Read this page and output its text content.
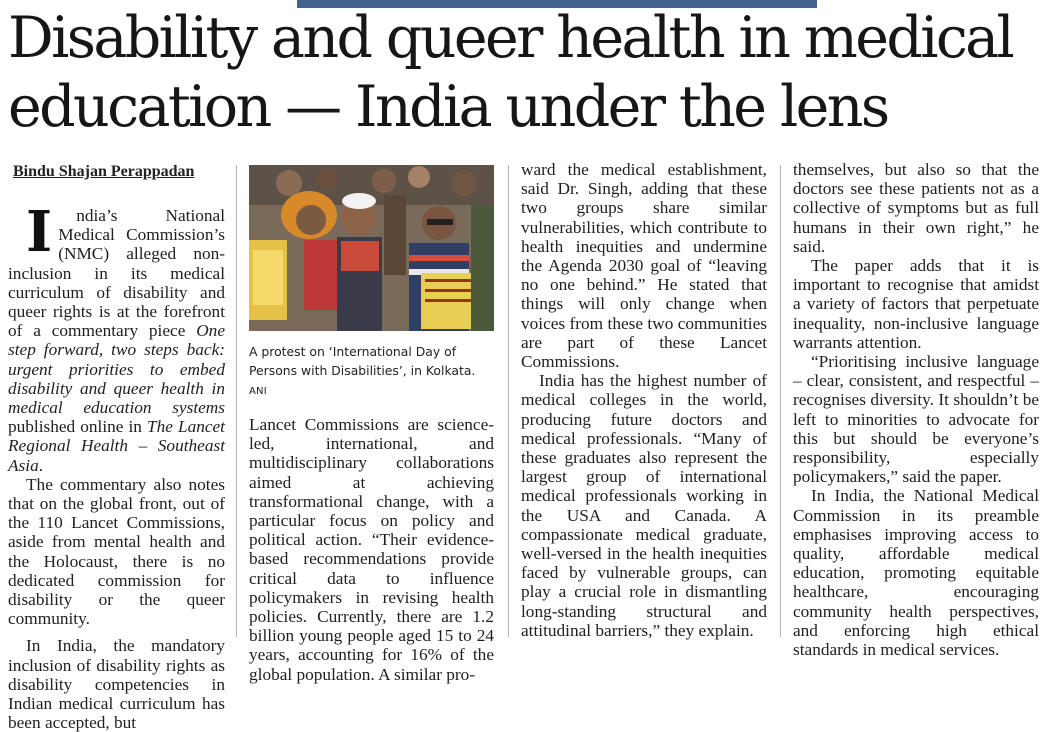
Disability and queer health in medical
education — India under the lens
Bindu Shajan Perappadan

I ndia’s National Medical Commission’s (NMC) alleged non-inclusion in its medical curriculum of disability and queer rights is at the forefront of a commentary piece One step forward, two steps back: urgent priorities to embed disability and queer health in medical education systems published online in The Lancet Regional Health – Southeast Asia.

The commentary also notes that on the global front, out of the 110 Lancet Commissions, aside from mental health and the Holocaust, there is no dedicated commission for disability or the queer community.

In India, the mandatory inclusion of disability rights as disability competencies in Indian medical curriculum has been accepted, but

A protest on ‘International Day of Persons with Disabilities’, in Kolkata. ANI

Lancet Commissions are science-led, international, and multidisciplinary collaborations aimed at achieving transformational change, with a particular focus on policy and political action. “Their evidence-based recommendations provide critical data to influence policymakers in revising health policies. Currently, there are 1.2 billion young people aged 15 to 24 years, accounting for 16% of the global population. A similar pro-

ward the medical establishment, said Dr. Singh, adding that these two groups share similar vulnerabilities, which contribute to health inequities and undermine the Agenda 2030 goal of “leaving no one behind.” He stated that things will only change when voices from these two communities are part of these Lancet Commissions.

India has the highest number of medical colleges in the world, producing future doctors and medical professionals. “Many of these graduates also represent the largest group of international medical professionals working in the USA and Canada. A compassionate medical graduate, well-versed in the health inequities faced by vulnerable groups, can play a crucial role in dismantling long-standing structural and attitudinal barriers,” they explain.

themselves, but also so that the doctors see these patients not as a collective of symptoms but as full humans in their own right,” he said.

The paper adds that it is important to recognise that amidst a variety of factors that perpetuate inequality, non-inclusive language warrants attention.

“Prioritising inclusive language – clear, consistent, and respectful – recognises diversity. It shouldn’t be left to minorities to advocate for this but should be everyone’s responsibility, especially policymakers,” said the paper.

In India, the National Medical Commission in its preamble emphasises improving access to quality, affordable medical education, promoting equitable healthcare, encouraging community health perspectives, and enforcing high ethical standards in medical services.
